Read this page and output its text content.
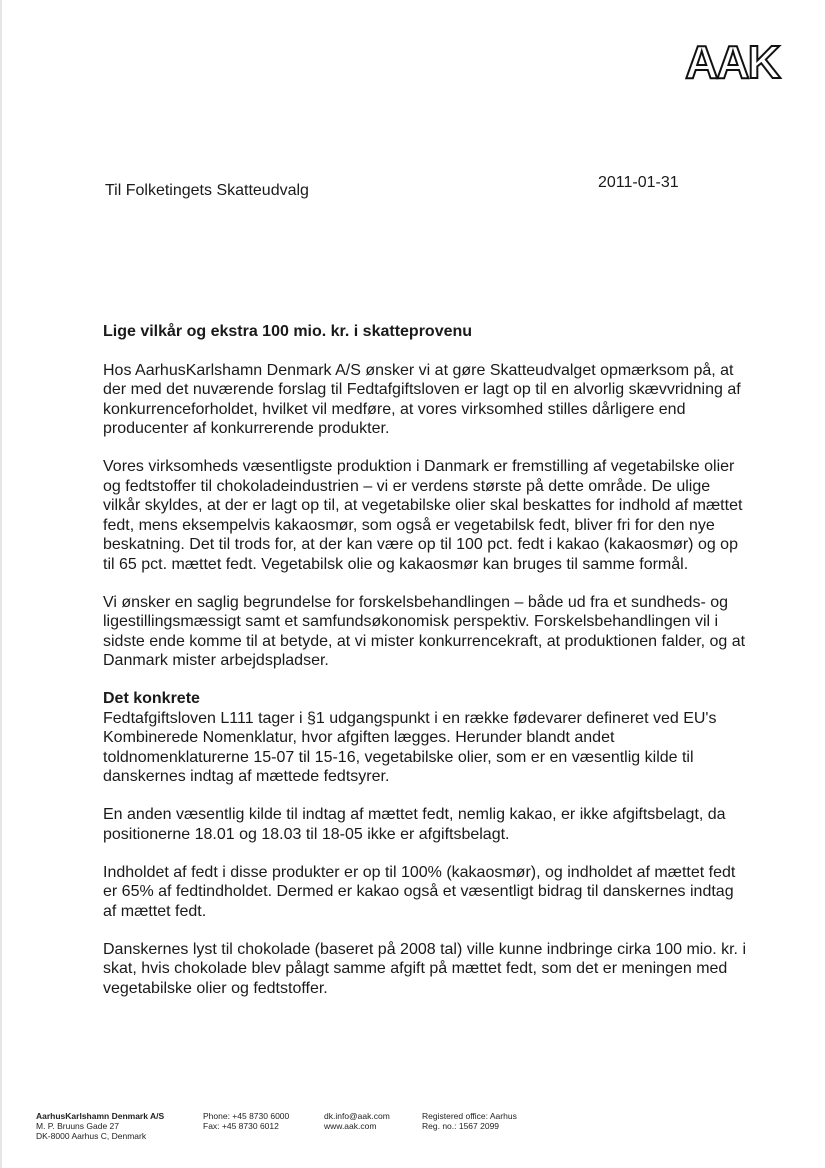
AAK
Til Folketingets Skatteudvalg	2011-01-31

Lige vilkår og ekstra 100 mio. kr. i skatteprovenu

Hos AarhusKarlshamn Denmark A/S ønsker vi at gøre Skatteudvalget opmærksom på, at der med det nuværende forslag til Fedtafgiftsloven er lagt op til en alvorlig skævvridning af konkurrenceforholdet, hvilket vil medføre, at vores virksomhed stilles dårligere end producenter af konkurrerende produkter.

Vores virksomheds væsentligste produktion i Danmark er fremstilling af vegetabilske olier og fedtstoffer til chokoladeindustrien – vi er verdens største på dette område. De ulige vilkår skyldes, at der er lagt op til, at vegetabilske olier skal beskattes for indhold af mættet fedt, mens eksempelvis kakaosmør, som også er vegetabilsk fedt, bliver fri for den nye beskatning. Det til trods for, at der kan være op til 100 pct. fedt i kakao (kakaosmør) og op til 65 pct. mættet fedt. Vegetabilsk olie og kakaosmør kan bruges til samme formål.

Vi ønsker en saglig begrundelse for forskelsbehandlingen – både ud fra et sundheds- og ligestillingsmæssigt samt et samfundsøkonomisk perspektiv. Forskelsbehandlingen vil i sidste ende komme til at betyde, at vi mister konkurrencekraft, at produktionen falder, og at Danmark mister arbejdspladser.

Det konkrete

Fedtafgiftsloven L111 tager i §1 udgangspunkt i en række fødevarer defineret ved EU's Kombinerede Nomenklatur, hvor afgiften lægges. Herunder blandt andet toldnomenklaturerne 15-07 til 15-16, vegetabilske olier, som er en væsentlig kilde til danskernes indtag af mættede fedtsyrer.

En anden væsentlig kilde til indtag af mættet fedt, nemlig kakao, er ikke afgiftsbelagt, da positionerne 18.01 og 18.03 til 18-05 ikke er afgiftsbelagt.

Indholdet af fedt i disse produkter er op til 100% (kakaosmør), og indholdet af mættet fedt er 65% af fedtindholdet. Dermed er kakao også et væsentligt bidrag til danskernes indtag af mættet fedt.

Danskernes lyst til chokolade (baseret på 2008 tal) ville kunne indbringe cirka 100 mio. kr. i skat, hvis chokolade blev pålagt samme afgift på mættet fedt, som det er meningen med vegetabilske olier og fedtstoffer.

AarhusKarlshamn Denmark A/S
M. P. Bruuns Gade 27
DK-8000 Aarhus C, Denmark
Phone: +45 8730 6000
Fax: +45 8730 6012
dk.info@aak.com
www.aak.com
Registered office: Aarhus
Reg. no.: 1567 2099
